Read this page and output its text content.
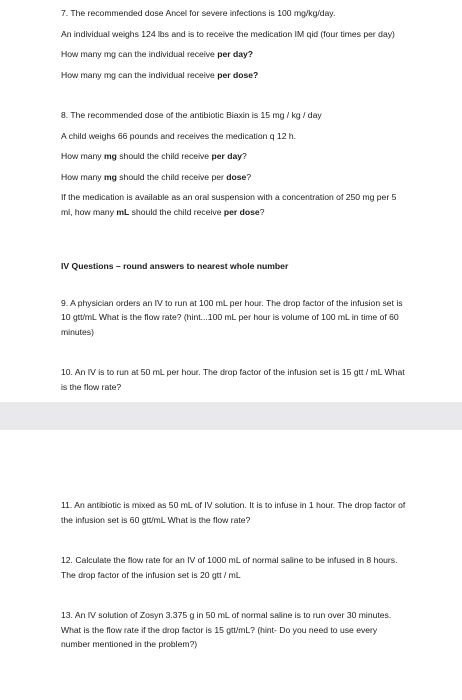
7. The recommended dose Ancel for severe infections is 100 mg/kg/day.

An individual weighs 124 lbs and is to receive the medication IM qid (four times per day)

How many mg can the individual receive per day?

How many mg can the individual receive per dose?

8. The recommended dose of the antibiotic Biaxin is 15 mg / kg / day

A child weighs 66 pounds and receives the medication q 12 h.

How many mg should the child receive per day?

How many mg should the child receive per dose?

If the medication is available as an oral suspension with a concentration of 250 mg per 5 ml, how many mL should the child receive per dose?

IV Questions – round answers to nearest whole number

9. A physician orders an IV to run at 100 mL per hour. The drop factor of the infusion set is 10 gtt/mL What is the flow rate? (hint...100 mL per hour is volume of 100 mL in time of 60 minutes)

10. An IV is to run at 50 mL per hour. The drop factor of the infusion set is 15 gtt / mL What is the flow rate?

11. An antibiotic is mixed as 50 mL of IV solution. It is to infuse in 1 hour. The drop factor of the infusion set is 60 gtt/mL What is the flow rate?

12. Calculate the flow rate for an IV of 1000 mL of normal saline to be infused in 8 hours. The drop factor of the infusion set is 20 gtt / mL

13. An IV solution of Zosyn 3.375 g in 50 mL of normal saline is to run over 30 minutes. What is the flow rate if the drop factor is 15 gtt/mL? (hint- Do you need to use every number mentioned in the problem?)
